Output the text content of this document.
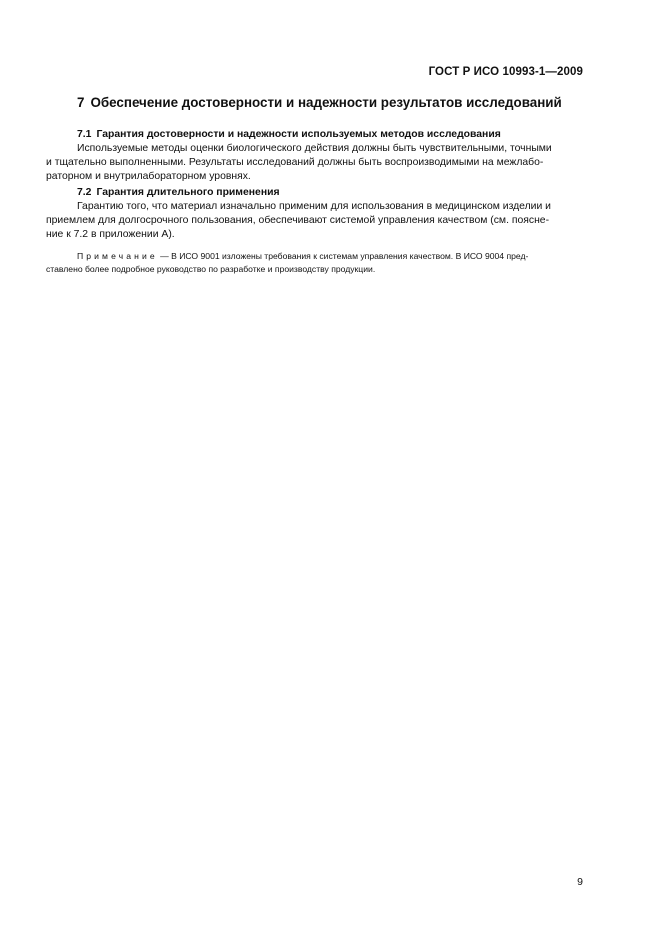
ГОСТ Р ИСО 10993-1—2009
7 Обеспечение достоверности и надежности результатов исследований
7.1 Гарантия достоверности и надежности используемых методов исследования
Используемые методы оценки биологического действия должны быть чувствительными, точными
и тщательно выполненными. Результаты исследований должны быть воспроизводимыми на межлабо-
раторном и внутрилабораторном уровнях.
7.2 Гарантия длительного применения
Гарантию того, что материал изначально применим для использования в медицинском изделии и
приемлем для долгосрочного пользования, обеспечивают системой управления качеством (см. поясне-
ние к 7.2 в приложении А).
Примечание — В ИСО 9001 изложены требования к системам управления качеством. В ИСО 9004 пред-
ставлено более подробное руководство по разработке и производству продукции.
9
